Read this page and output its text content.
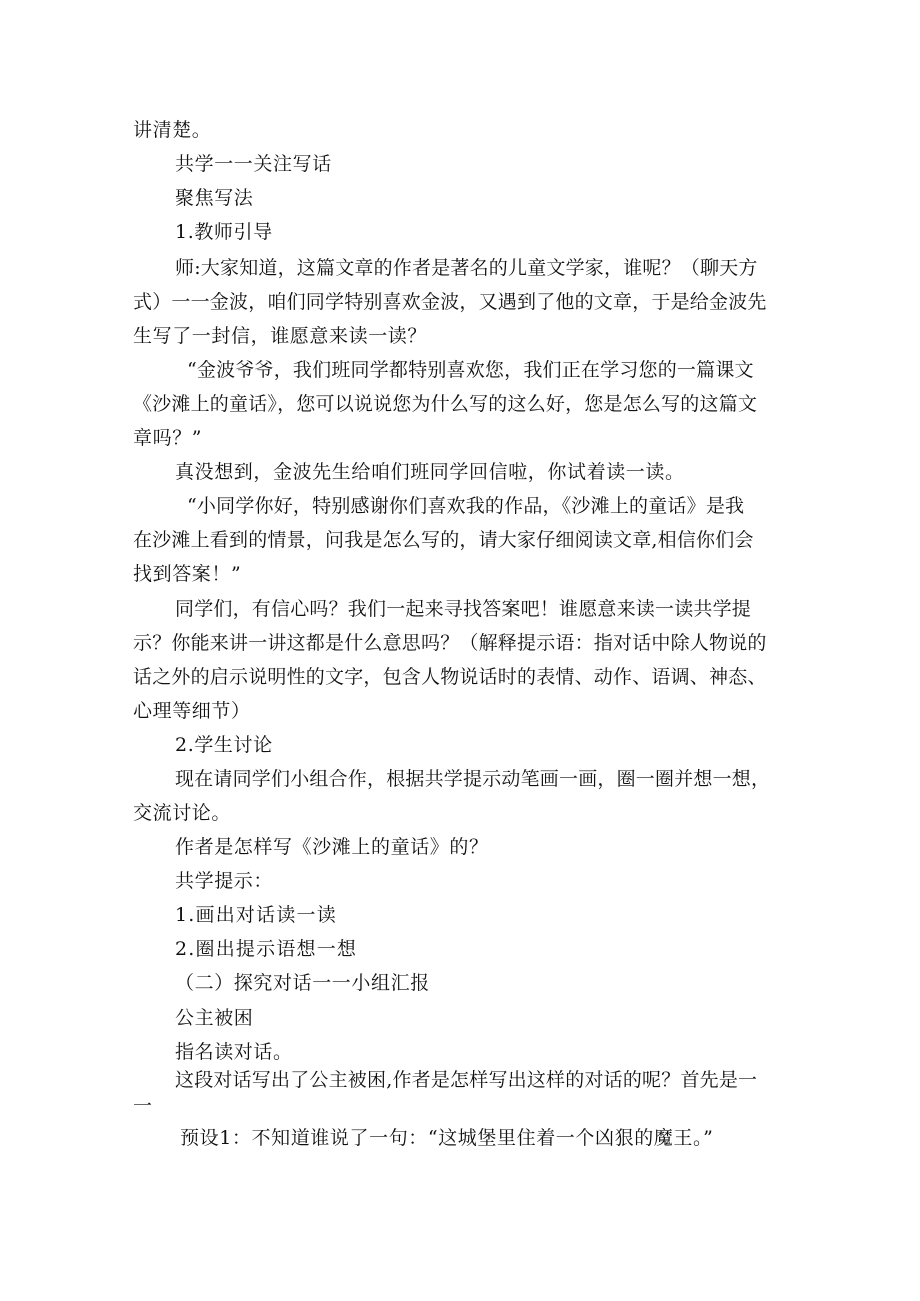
讲清楚。
共学一一关注写话
聚焦写法
1.教师引导
师:大家知道，这篇文章的作者是著名的儿童文学家，谁呢？（聊天方
式）一一金波，咱们同学特别喜欢金波，又遇到了他的文章，于是给金波先
生写了一封信，谁愿意来读一读？
“金波爷爷，我们班同学都特别喜欢您，我们正在学习您的一篇课文
《沙滩上的童话》，您可以说说您为什么写的这么好，您是怎么写的这篇文
章吗？”
真没想到，金波先生给咱们班同学回信啦，你试着读一读。
“小同学你好，特别感谢你们喜欢我的作品，《沙滩上的童话》是我
在沙滩上看到的情景，问我是怎么写的，请大家仔细阅读文章,相信你们会
找到答案！”
同学们，有信心吗？我们一起来寻找答案吧！谁愿意来读一读共学提
示？你能来讲一讲这都是什么意思吗？（解释提示语：指对话中除人物说的
话之外的启示说明性的文字，包含人物说话时的表情、动作、语调、神态、
心理等细节）
2.学生讨论
现在请同学们小组合作，根据共学提示动笔画一画，圈一圈并想一想，
交流讨论。
作者是怎样写《沙滩上的童话》的？
共学提示：
1.画出对话读一读
2.圈出提示语想一想
（二）探究对话一一小组汇报
公主被困
指名读对话。
这段对话写出了公主被困,作者是怎样写出这样的对话的呢？首先是一
一
预设1：不知道谁说了一句：“这城堡里住着一个凶狠的魔王。”
